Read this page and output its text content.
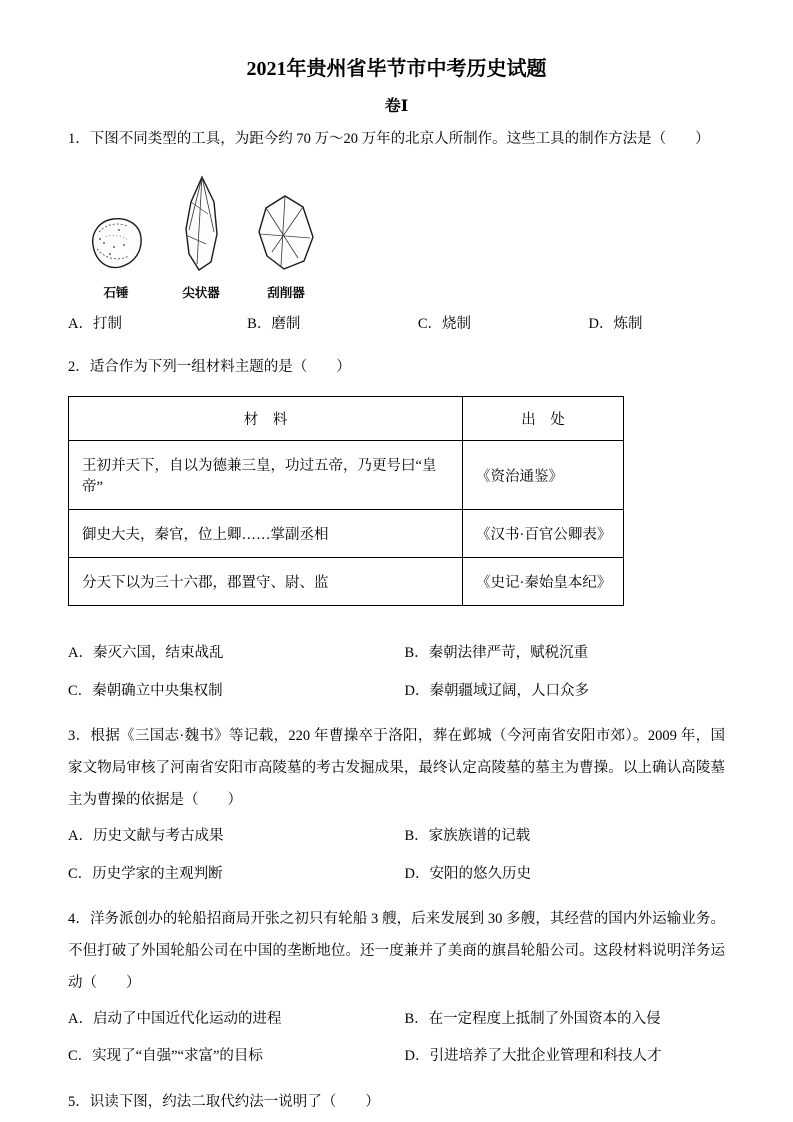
2021年贵州省毕节市中考历史试题
卷Ⅰ

1．下图不同类型的工具，为距今约 70 万～20 万年的北京人所制作。这些工具的制作方法是（　　）

石锤	尖状器	刮削器
A．打制	B．磨制	C．烧制	D．炼制

2．适合作为下列一组材料主题的是（　　）

材　料	出　处
王初并天下，自以为德兼三皇，功过五帝，乃更号曰“皇帝”	《资治通鉴》
御史大夫，秦官，位上卿……掌副丞相	《汉书·百官公卿表》
分天下以为三十六郡，郡置守、尉、监	《史记·秦始皇本纪》
A．秦灭六国，结束战乱	B．秦朝法律严苛，赋税沉重
C．秦朝确立中央集权制	D．秦朝疆域辽阔，人口众多

3．根据《三国志·魏书》等记载，220 年曹操卒于洛阳，葬在邺城（今河南省安阳市郊）。2009 年，国家文物局审核了河南省安阳市高陵墓的考古发掘成果，最终认定高陵墓的墓主为曹操。以上确认高陵墓主为曹操的依据是（　　）

A．历史文献与考古成果	B．家族族谱的记载
C．历史学家的主观判断	D．安阳的悠久历史

4．洋务派创办的轮船招商局开张之初只有轮船 3 艘，后来发展到 30 多艘，其经营的国内外运输业务。不但打破了外国轮船公司在中国的垄断地位。还一度兼并了美商的旗昌轮船公司。这段材料说明洋务运动（　　）

A．启动了中国近代化运动的进程	B．在一定程度上抵制了外国资本的入侵
C．实现了“自强”“求富”的目标	D．引进培养了大批企业管理和科技人才

5．识读下图，约法二取代约法一说明了（　　）
